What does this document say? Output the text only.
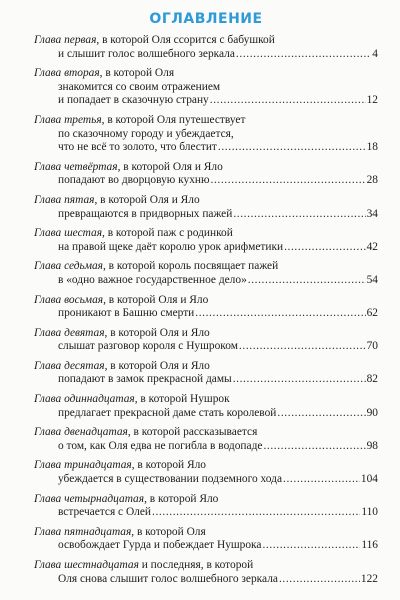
ОГЛАВЛЕНИЕ
Глава первая, в которой Оля ссорится с бабушкой
и слышит голос волшебного зеркала .....	4
Глава вторая, в которой Оля
знакомится со своим отражением
и попадает в сказочную страну .....	12
Глава третья, в которой Оля путешествует
по сказочному городу и убеждается,
что не всё то золото, что блестит .....	18
Глава четвёртая, в которой Оля и Яло
попадают во дворцовую кухню .....	28
Глава пятая, в которой Оля и Яло
превращаются в придворных пажей .....	34
Глава шестая, в которой паж с родинкой
на правой щеке даёт королю урок арифметики .....	42
Глава седьмая, в которой король посвящает пажей
в «одно важное государственное дело» .....	54
Глава восьмая, в которой Оля и Яло
проникают в Башню смерти .....	62
Глава девятая, в которой Оля и Яло
слышат разговор короля с Нушроком .....	70
Глава десятая, в которой Оля и Яло
попадают в замок прекрасной дамы .....	82
Глава одиннадцатая, в которой Нушрок
предлагает прекрасной даме стать королевой .....	90
Глава двенадцатая, в которой рассказывается
о том, как Оля едва не погибла в водопаде .....	98
Глава тринадцатая, в которой Яло
убеждается в существовании подземного хода .....	104
Глава четырнадцатая, в которой Яло
встречается с Олей .....	110
Глава пятнадцатая, в которой Оля
освобождает Гурда и побеждает Нушрока .....	116
Глава шестнадцатая и последняя, в которой
Оля снова слышит голос волшебного зеркала .....	122
